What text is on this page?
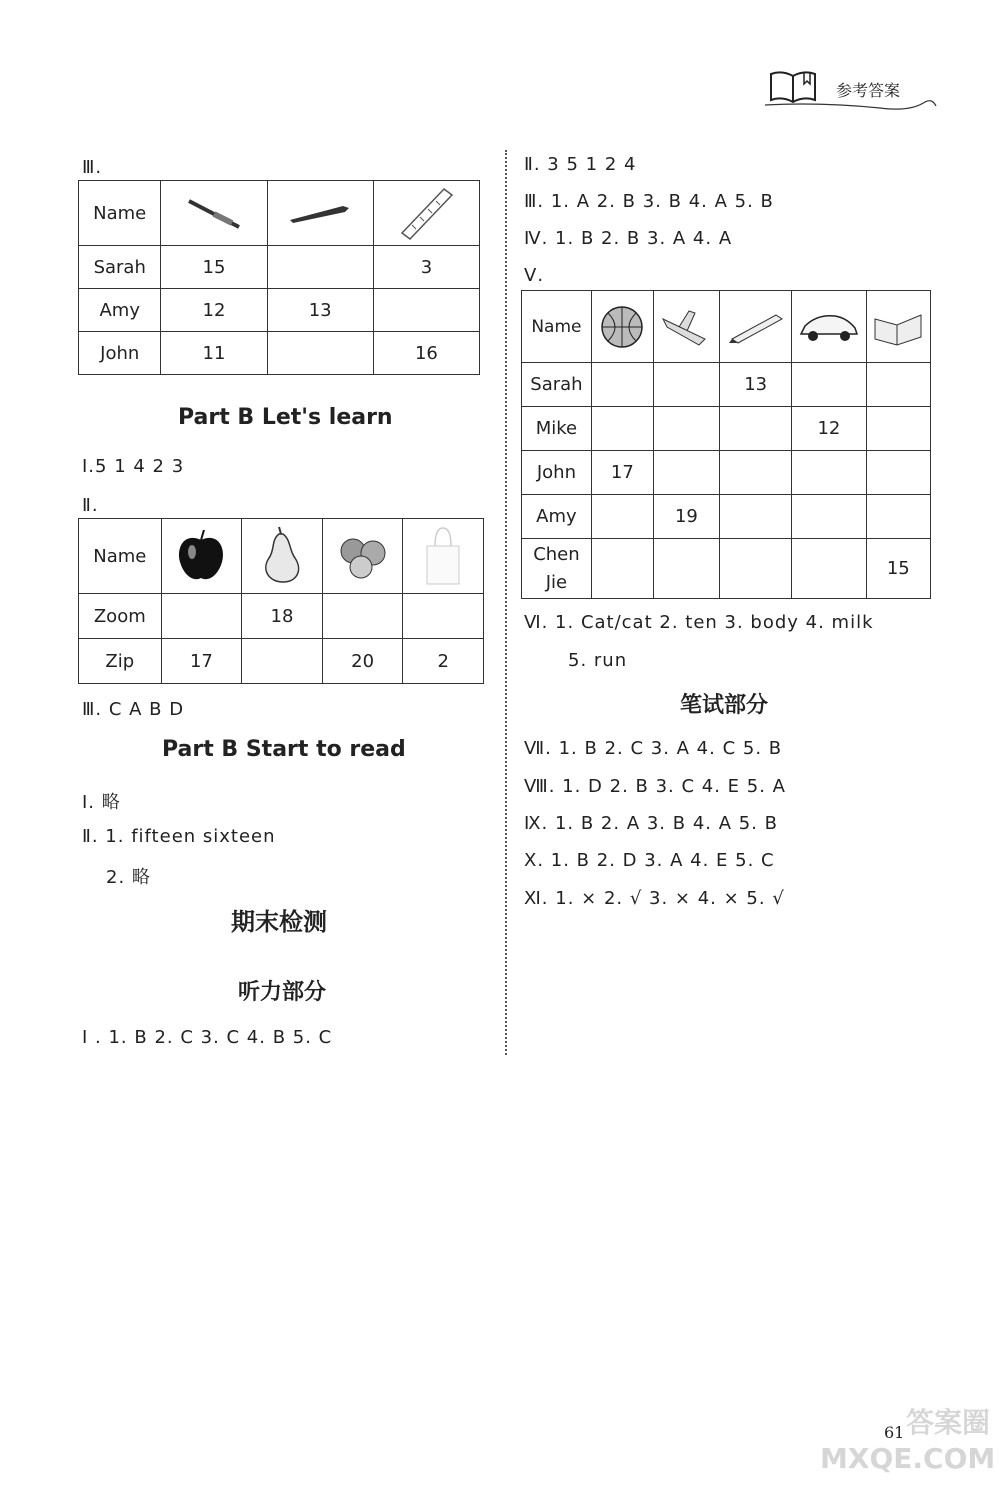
参考答案
Ⅲ.
Name	

Sarah	15		3
Amy	12	13	
John	11		16
Part B Let's learn
Ⅰ.5 1 4 2 3
Ⅱ.
Name	

Zoom		18		
Zip	17		20	2
Ⅲ. C A B D
Part B Start to read
Ⅰ. 略
Ⅱ. 1. fifteen sixteen
2. 略
期末检测
听力部分
Ⅰ . 1. B 2. C 3. C 4. B 5. C
Ⅱ. 3 5 1 2 4
Ⅲ. 1. A 2. B 3. B 4. A 5. B
Ⅳ. 1. B 2. B 3. A 4. A
Ⅴ.
Name	

Sarah			13		
Mike				12	
John	17				
Amy		19			
Chen
Jie					15
Ⅵ. 1. Cat/cat 2. ten 3. body 4. milk
5. run
笔试部分
Ⅶ. 1. B 2. C 3. A 4. C 5. B
Ⅷ. 1. D 2. B 3. C 4. E 5. A
Ⅸ. 1. B 2. A 3. B 4. A 5. B
Ⅹ. 1. B 2. D 3. A 4. E 5. C
Ⅺ. 1. × 2. √ 3. × 4. × 5. √
61 答案圈 MXQE.COM
